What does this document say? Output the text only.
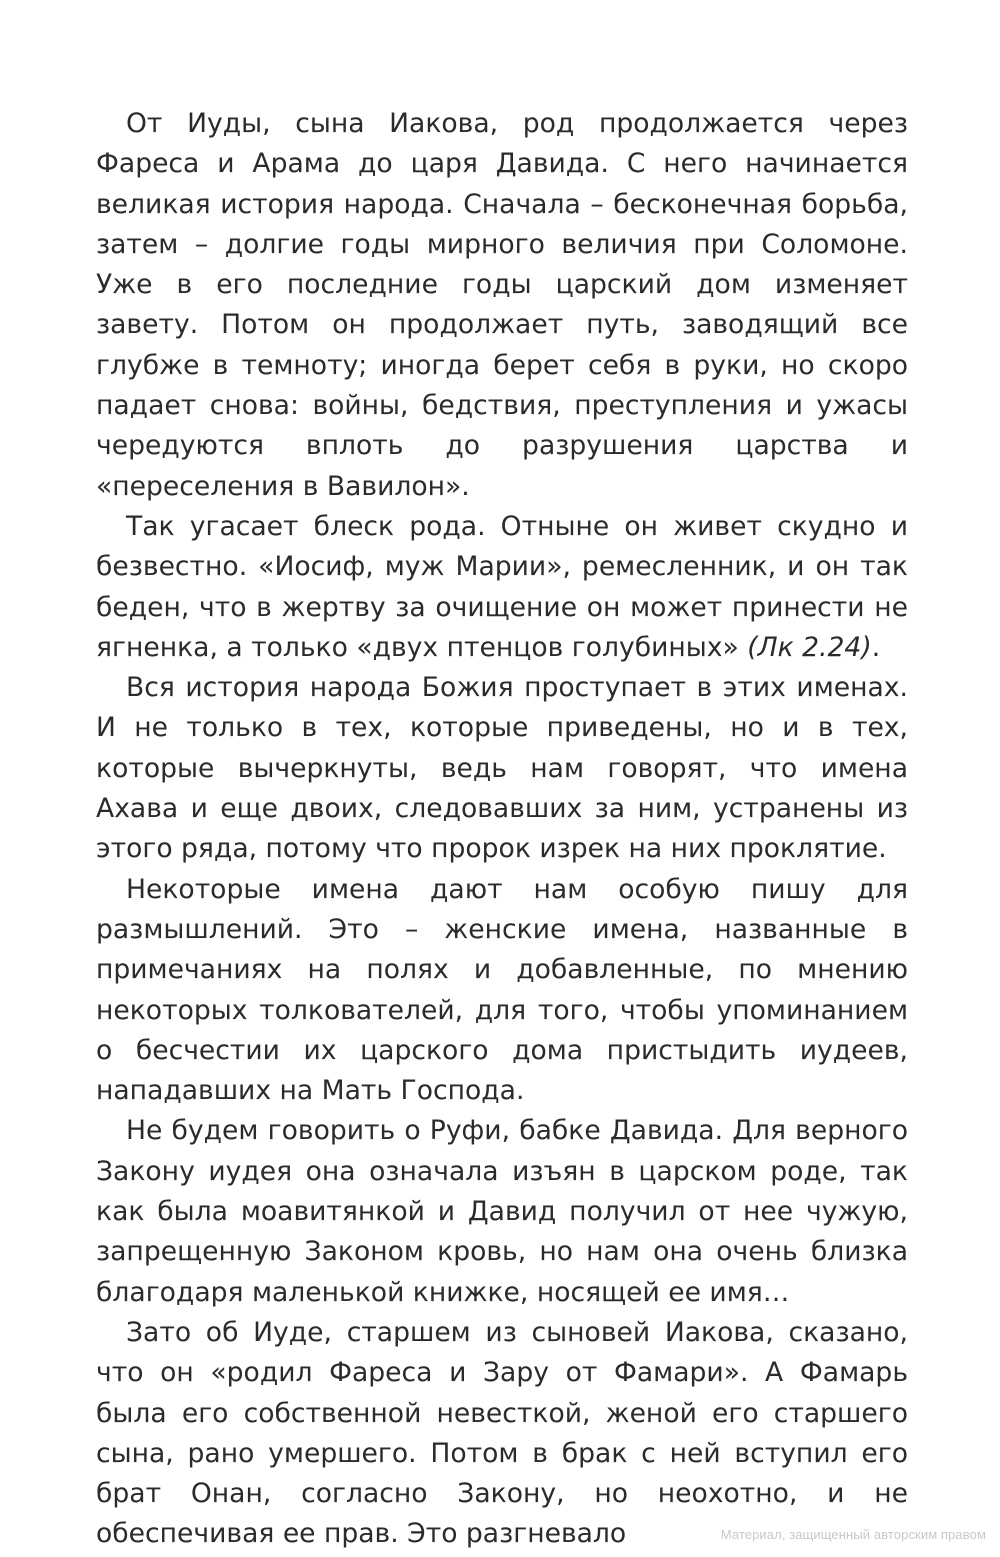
От Иуды, сына Иакова, род продолжается через Фареса и Арама до царя Давида. С него начинается великая история народа. Сначала – бесконечная борьба, затем – долгие годы мирного величия при Соломоне. Уже в его последние годы царский дом изменяет завету. Потом он продолжает путь, заводящий все глубже в темноту; иногда берет себя в руки, но скоро падает снова: войны, бедствия, преступления и ужасы чередуются вплоть до разрушения царства и «переселения в Вавилон».

Так угасает блеск рода. Отныне он живет скудно и безвестно. «Иосиф, муж Марии», ремесленник, и он так беден, что в жертву за очищение он может принести не ягненка, а только «двух птенцов голубиных» (Лк 2.24).

Вся история народа Божия проступает в этих именах. И не только в тех, которые приведены, но и в тех, которые вычеркнуты, ведь нам говорят, что имена Ахава и еще двоих, следовавших за ним, устранены из этого ряда, потому что пророк изрек на них проклятие.

Некоторые имена дают нам особую пишу для размышлений. Это – женские имена, названные в примечаниях на полях и добавленные, по мнению некоторых толкователей, для того, чтобы упоминанием о бесчестии их царского дома пристыдить иудеев, нападавших на Мать Господа.

Не будем говорить о Руфи, бабке Давида. Для верного Закону иудея она означала изъян в царском роде, так как была моавитянкой и Давид получил от нее чужую, запрещенную Законом кровь, но нам она очень близка благодаря маленькой книжке, носящей ее имя…

Зато об Иуде, старшем из сыновей Иакова, сказано, что он «родил Фареса и Зару от Фамари». А Фамарь была его собственной невесткой, женой его старшего сына, рано умершего. Потом в брак с ней вступил его брат Онан, согласно Закону, но неохотно, и не обеспечивая ее прав. Это разгневало	Материал, защищенный авторским правом
